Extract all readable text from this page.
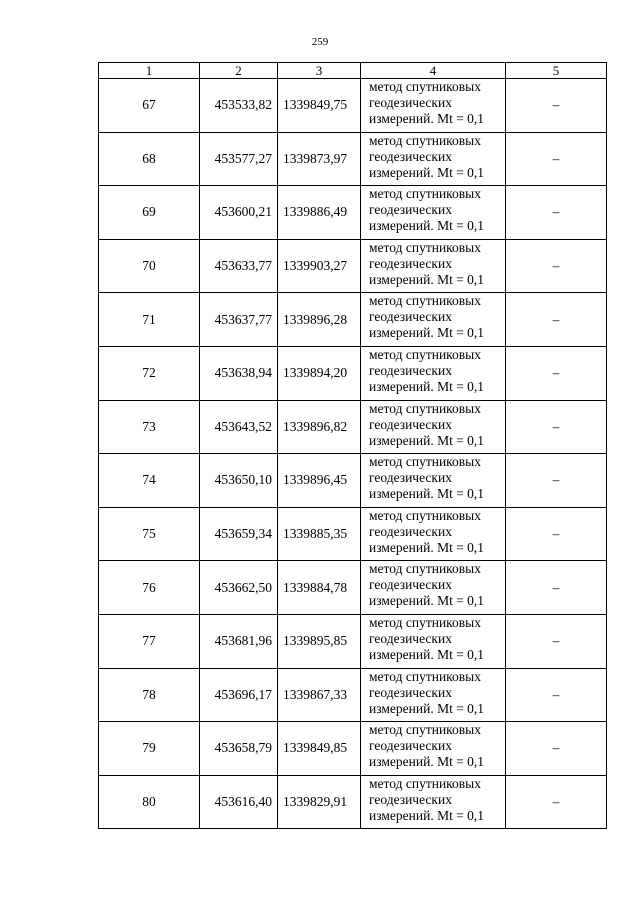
259
1	2	3	4	5
67	453533,82	1339849,75	метод спутниковых
геодезических
измерений. Mt = 0,1	–
68	453577,27	1339873,97	метод спутниковых
геодезических
измерений. Mt = 0,1	–
69	453600,21	1339886,49	метод спутниковых
геодезических
измерений. Mt = 0,1	–
70	453633,77	1339903,27	метод спутниковых
геодезических
измерений. Mt = 0,1	–
71	453637,77	1339896,28	метод спутниковых
геодезических
измерений. Mt = 0,1	–
72	453638,94	1339894,20	метод спутниковых
геодезических
измерений. Mt = 0,1	–
73	453643,52	1339896,82	метод спутниковых
геодезических
измерений. Mt = 0,1	–
74	453650,10	1339896,45	метод спутниковых
геодезических
измерений. Mt = 0,1	–
75	453659,34	1339885,35	метод спутниковых
геодезических
измерений. Mt = 0,1	–
76	453662,50	1339884,78	метод спутниковых
геодезических
измерений. Mt = 0,1	–
77	453681,96	1339895,85	метод спутниковых
геодезических
измерений. Mt = 0,1	–
78	453696,17	1339867,33	метод спутниковых
геодезических
измерений. Mt = 0,1	–
79	453658,79	1339849,85	метод спутниковых
геодезических
измерений. Mt = 0,1	–
80	453616,40	1339829,91	метод спутниковых
геодезических
измерений. Mt = 0,1	–
